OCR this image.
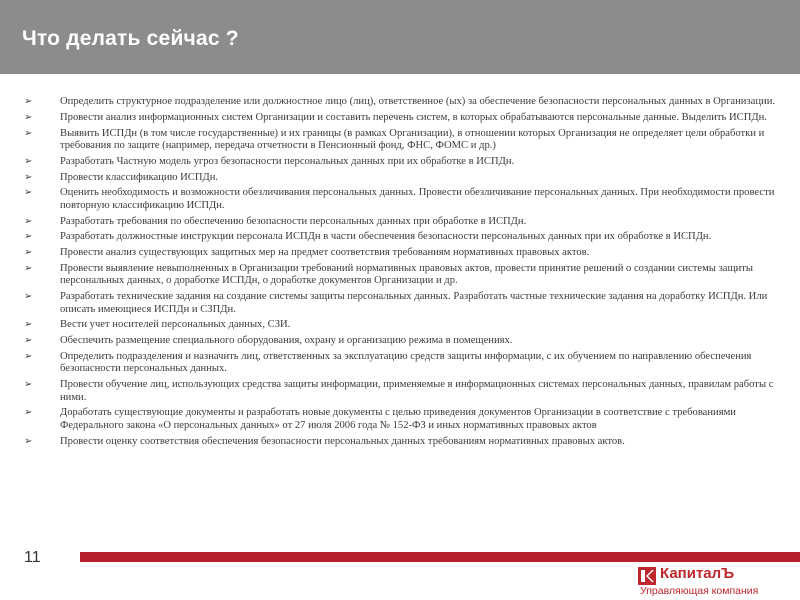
Что делать сейчас ?
➢	Определить структурное подразделение или должностное лицо (лиц), ответственное (ых) за обеспечение безопасности персональных данных в Организации.
➢	Провести анализ информационных систем Организации и составить перечень систем, в которых обрабатываются персональные данные. Выделить ИСПДн.
➢	Выявить ИСПДн (в том числе государственные) и их границы (в рамках Организации), в отношении которых Организация не определяет цели обработки и требования по защите (например, передача отчетности в Пенсионный фонд, ФНС, ФОМС и др.)
➢	Разработать Частную модель угроз безопасности персональных данных при их обработке в ИСПДн.
➢	Провести классификацию ИСПДн.
➢	Оценить необходимость и возможности обезличивания персональных данных. Провести обезличивание персональных данных. При необходимости провести повторную классификацию ИСПДн.
➢	Разработать требования по обеспечению безопасности персональных данных при обработке в ИСПДн.
➢	Разработать должностные инструкции персонала ИСПДн в части обеспечения безопасности персональных данных при их обработке в ИСПДн.
➢	Провести анализ существующих защитных мер на предмет соответствия требованиям нормативных правовых актов.
➢	Провести выявление невыполненных в Организации требований нормативных правовых актов, провести принятие решений о создании системы защиты персональных данных, о доработке ИСПДн, о доработке документов Организации и др.
➢	Разработать технические задания на создание системы защиты персональных данных. Разработать частные технические задания на доработку ИСПДн. Или описать имеющиеся ИСПДн и СЗПДн.
➢	Вести учет носителей персональных данных, СЗИ.
➢	Обеспечить размещение специального оборудования, охрану и организацию режима в помещениях.
➢	Определить подразделения и назначить лиц, ответственных за эксплуатацию средств защиты информации, с их обучением по направлению обеспечения безопасности персональных данных.
➢	Провести обучение лиц, использующих средства защиты информации, применяемые в информационных системах персональных данных, правилам работы с ними.
➢	Доработать существующие документы и разработать новые документы с целью приведения документов Организации в соответствие с требованиями Федерального закона «О персональных данных» от 27 июля 2006 года № 152-ФЗ и иных нормативных правовых актов
➢	Провести оценку соответствия обеспечения безопасности персональных данных требованиям нормативных правовых актов.
11
КапиталЪ
Управляющая компания
